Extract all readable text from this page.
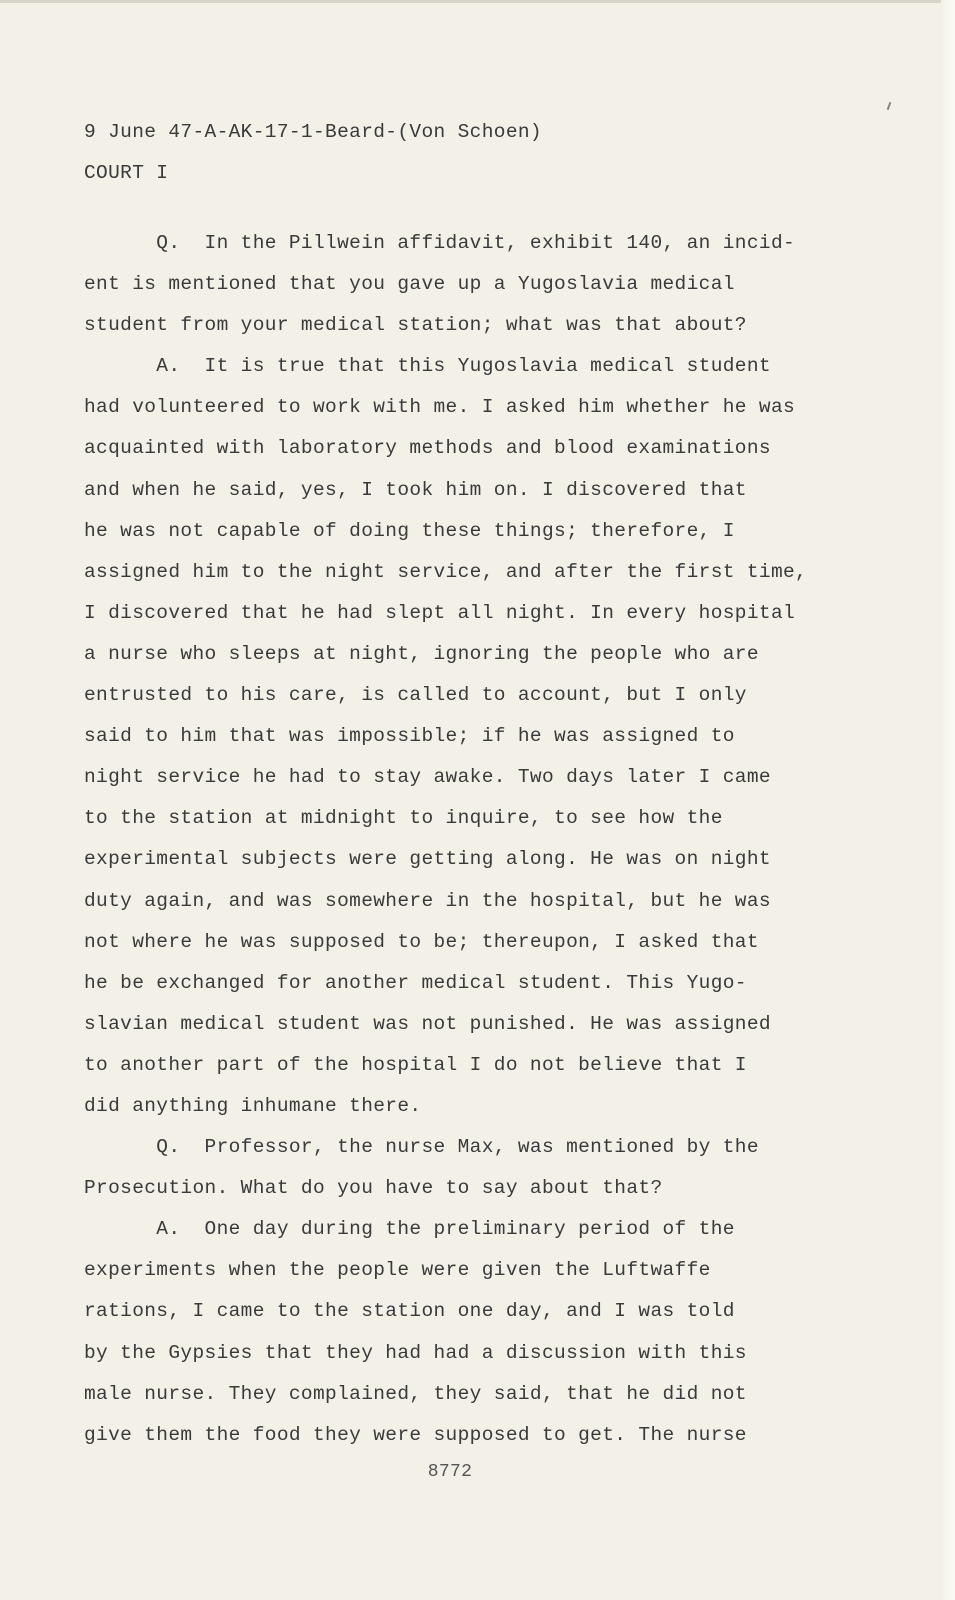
9 June 47-A-AK-17-1-Beard-(Von Schoen)
COURT I
Q.  In the Pillwein affidavit, exhibit 140, an incid-
ent is mentioned that you gave up a Yugoslavia medical
student from your medical station; what was that about?
A.  It is true that this Yugoslavia medical student
had volunteered to work with me. I asked him whether he was
acquainted with laboratory methods and blood examinations
and when he said, yes, I took him on. I discovered that
he was not capable of doing these things; therefore, I
assigned him to the night service, and after the first time,
I discovered that he had slept all night. In every hospital
a nurse who sleeps at night, ignoring the people who are
entrusted to his care, is called to account, but I only
said to him that was impossible; if he was assigned to
night service he had to stay awake. Two days later I came
to the station at midnight to inquire, to see how the
experimental subjects were getting along. He was on night
duty again, and was somewhere in the hospital, but he was
not where he was supposed to be; thereupon, I asked that
he be exchanged for another medical student. This Yugo-
slavian medical student was not punished. He was assigned
to another part of the hospital I do not believe that I
did anything inhumane there.
Q.  Professor, the nurse Max, was mentioned by the
Prosecution. What do you have to say about that?
A.  One day during the preliminary period of the
experiments when the people were given the Luftwaffe
rations, I came to the station one day, and I was told
by the Gypsies that they had had a discussion with this
male nurse. They complained, they said, that he did not
give them the food they were supposed to get. The nurse
8772
